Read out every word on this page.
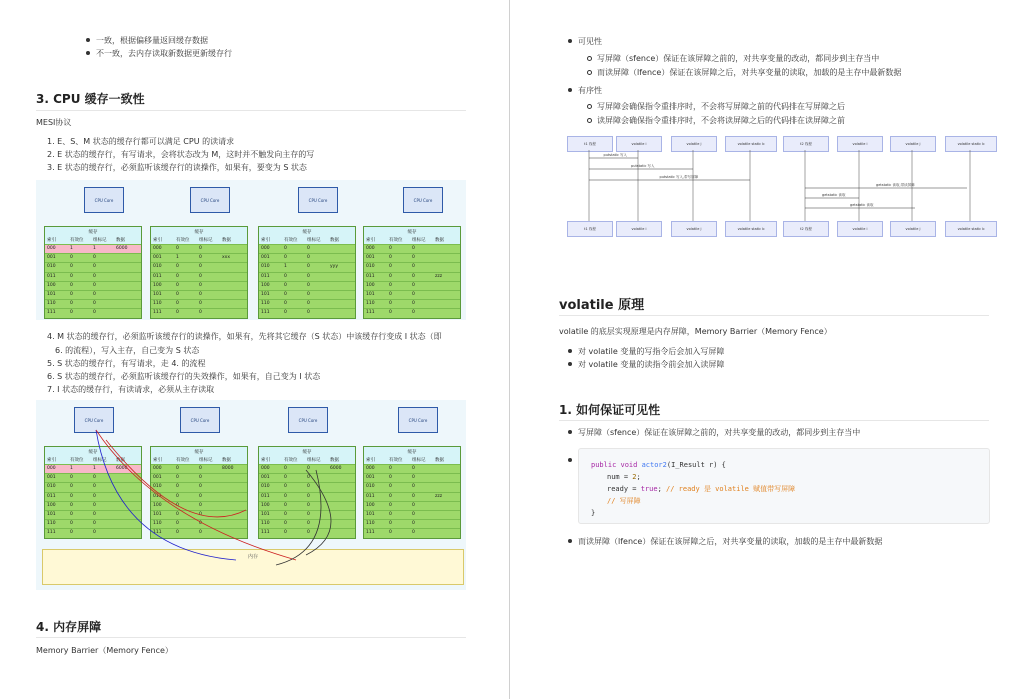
一致，根据偏移量返回缓存数据
不一致，去内存读取新数据更新缓存行
3. CPU 缓存一致性
MESI协议
1. E、S、M 状态的缓存行都可以满足 CPU 的读请求
2. E 状态的缓存行，有写请求，会将状态改为 M，这时并不触发向主存的写
3. E 状态的缓存行，必须监听该缓存行的读操作，如果有，要变为 S 状态
CPU Core
缓存
索引	有效位	组标记	数据
000	1	1	6000
001	0	0
010	0	0
011	0	0
100	0	0
101	0	0
110	0	0
111	0	0
CPU Core
缓存
索引	有效位	组标记	数据
000	0	0
001	1	0	xxx
010	0	0
011	0	0
100	0	0
101	0	0
110	0	0
111	0	0
CPU Core
缓存
索引	有效位	组标记	数据
000	0	0
001	0	0
010	1	0	yyy
011	0	0
100	0	0
101	0	0
110	0	0
111	0	0
CPU Core
缓存
索引	有效位	组标记	数据
000	0	0
001	0	0
010	0	0
011	0	0	zzz
100	0	0
101	0	0
110	0	0
111	0	0
4. M 状态的缓存行，必须监听该缓存行的读操作，如果有，先将其它缓存（S 状态）中该缓存行变成 I 状态（即
6. 的流程），写入主存，自己变为 S 状态
5. S 状态的缓存行，有写请求，走 4. 的流程
6. S 状态的缓存行，必须监听该缓存行的失效操作，如果有，自己变为 I 状态
7. I 状态的缓存行，有读请求，必须从主存读取
CPU Core
缓存
索引	有效位	组标记	数据
000	1	1	6000
001	0	0
010	0	0
011	0	0
100	0	0
101	0	0
110	0	0
111	0	0
CPU Core
缓存
索引	有效位	组标记	数据
000	0	0	8000
001	0	0
010	0	0
011	0	0
100	0	0
101	0	0
110	0	0
111	0	0
CPU Core
缓存
索引	有效位	组标记	数据
000	0	0	6000
001	0	0
010	0	0
011	0	0
100	0	0
101	0	0
110	0	0
111	0	0
CPU Core
缓存
索引	有效位	组标记	数据
000	0	0
001	0	0
010	0	0
011	0	0	zzz
100	0	0
101	0	0
110	0	0
111	0	0
内存
4. 内存屏障
Memory Barrier（Memory Fence）
可见性
写屏障（sfence）保证在该屏障之前的，对共享变量的改动，都同步到主存当中
而读屏障（lfence）保证在该屏障之后，对共享变量的读取，加载的是主存中最新数据
有序性
写屏障会确保指令重排序时，不会将写屏障之前的代码排在写屏障之后
读屏障会确保指令重排序时，不会将读屏障之后的代码排在读屏障之前
t1 线程
t1 线程
volatile i
volatile i
volatile j
volatile j
volatile static b
volatile static b
t2 线程
t2 线程
volatile i
volatile i
volatile j
volatile j
volatile static b
volatile static b
putstatic 写入
putstatic 写入
putstatic 写入,带写屏障
getstatic 读取,带读屏障
getstatic 读取
getstatic 读取
volatile 原理
volatile 的底层实现原理是内存屏障，Memory Barrier（Memory Fence）
对 volatile 变量的写指令后会加入写屏障
对 volatile 变量的读指令前会加入读屏障
1. 如何保证可见性
写屏障（sfence）保证在该屏障之前的，对共享变量的改动，都同步到主存当中
public void actor2(I_Result r) {
num = 2;
ready = true; // ready 是 volatile 赋值带写屏障
// 写屏障
}
而读屏障（lfence）保证在该屏障之后，对共享变量的读取，加载的是主存中最新数据
